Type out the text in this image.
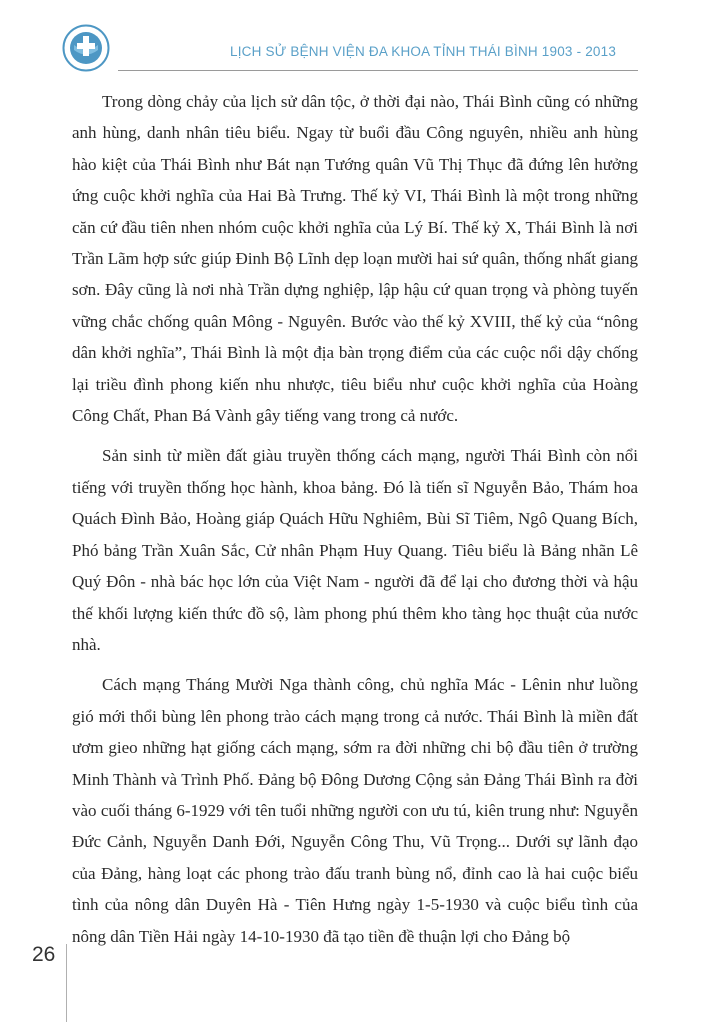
LỊCH SỬ BỆNH VIỆN ĐA KHOA TỈNH THÁI BÌNH 1903 - 2013

Trong dòng chảy của lịch sử dân tộc, ở thời đại nào, Thái Bình cũng có những anh hùng, danh nhân tiêu biểu. Ngay từ buổi đầu Công nguyên, nhiều anh hùng hào kiệt của Thái Bình như Bát nạn Tướng quân Vũ Thị Thục đã đứng lên hưởng ứng cuộc khởi nghĩa của Hai Bà Trưng. Thế kỷ VI, Thái Bình là một trong những căn cứ đầu tiên nhen nhóm cuộc khởi nghĩa của Lý Bí. Thế kỷ X, Thái Bình là nơi Trần Lãm hợp sức giúp Đinh Bộ Lĩnh dẹp loạn mười hai sứ quân, thống nhất giang sơn. Đây cũng là nơi nhà Trần dựng nghiệp, lập hậu cứ quan trọng và phòng tuyến vững chắc chống quân Mông - Nguyên. Bước vào thế kỷ XVIII, thế kỷ của “nông dân khởi nghĩa”, Thái Bình là một địa bàn trọng điểm của các cuộc nổi dậy chống lại triều đình phong kiến nhu nhược, tiêu biểu như cuộc khởi nghĩa của Hoàng Công Chất, Phan Bá Vành gây tiếng vang trong cả nước.

Sản sinh từ miền đất giàu truyền thống cách mạng, người Thái Bình còn nổi tiếng với truyền thống học hành, khoa bảng. Đó là tiến sĩ Nguyễn Bảo, Thám hoa Quách Đình Bảo, Hoàng giáp Quách Hữu Nghiêm, Bùi Sĩ Tiêm, Ngô Quang Bích, Phó bảng Trần Xuân Sắc, Cử nhân Phạm Huy Quang. Tiêu biểu là Bảng nhãn Lê Quý Đôn - nhà bác học lớn của Việt Nam - người đã để lại cho đương thời và hậu thế khối lượng kiến thức đồ sộ, làm phong phú thêm kho tàng học thuật của nước nhà.

Cách mạng Tháng Mười Nga thành công, chủ nghĩa Mác - Lênin như luồng gió mới thổi bùng lên phong trào cách mạng trong cả nước. Thái Bình là miền đất ươm gieo những hạt giống cách mạng, sớm ra đời những chi bộ đầu tiên ở trường Minh Thành và Trình Phố. Đảng bộ Đông Dương Cộng sản Đảng Thái Bình ra đời vào cuối tháng 6-1929 với tên tuổi những người con ưu tú, kiên trung như: Nguyễn Đức Cảnh, Nguyễn Danh Đới, Nguyễn Công Thu, Vũ Trọng... Dưới sự lãnh đạo của Đảng, hàng loạt các phong trào đấu tranh bùng nổ, đỉnh cao là hai cuộc biểu tình của nông dân Duyên Hà - Tiên Hưng ngày 1-5-1930 và cuộc biểu tình của nông dân Tiền Hải ngày 14-10-1930 đã tạo tiền đề thuận lợi cho Đảng bộ

26
